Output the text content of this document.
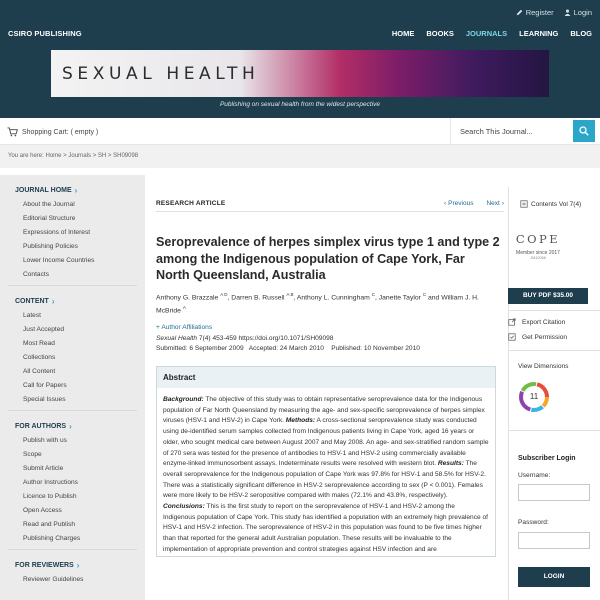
Register	Login
CSIRO PUBLISHING	HOME BOOKS JOURNALS LEARNING BLOG
SEXUAL HEALTH
Publishing on sexual health from the widest perspective
Shopping Cart: ( empty )	Search This Journal...
You are here: Home > Journals > SH > SH09098
JOURNAL HOME ›
About the Journal
Editorial Structure
Expressions of Interest
Publishing Policies
Lower Income Countries
Contacts
CONTENT ›
Latest
Just Accepted
Most Read
Collections
All Content
Call for Papers
Special Issues
FOR AUTHORS ›
Publish with us
Scope
Submit Article
Author Instructions
Licence to Publish
Open Access
Read and Publish
Publishing Charges
FOR REVIEWERS ›
Reviewer Guidelines
RESEARCH ARTICLE	‹ Previous Next ›
Seroprevalence of herpes simplex virus type 1 and type 2 among the Indigenous population of Cape York, Far North Queensland, Australia
Anthony G. Brazzale $^{A D}$, Darren B. Russell $^{A B}$, Anthony L. Cunningham $^C$, Janette Taylor $^C$ and William J. H. McBride $^A$
+ Author Affiliations
Sexual Health 7(4) 453-459 https://doi.org/10.1071/SH09098
Submitted: 6 September 2009   Accepted: 24 March 2010    Published: 10 November 2010
Abstract
Background: The objective of this study was to obtain representative seroprevalence data for the Indigenous population of Far North Queensland by measuring the age- and sex-specific seroprevalence of herpes simplex viruses (HSV-1 and HSV-2) in Cape York. Methods: A cross-sectional seroprevalence study was conducted using de-identified serum samples collected from Indigenous patients living in Cape York, aged 16 years or older, who sought medical care between August 2007 and May 2008. An age- and sex-stratified random sample of 270 sera was tested for the presence of antibodies to HSV-1 and HSV-2 using commercially available enzyme-linked immunosorbent assays. Indeterminate results were resolved with western blot. Results: The overall seroprevalence for the Indigenous population of Cape York was 97.8% for HSV-1 and 58.5% for HSV-2. There was a statistically significant difference in HSV-2 seroprevalence according to sex (P < 0.001). Females were more likely to be HSV-2 seropositive compared with males (72.1% and 43.8%, respectively). Conclusions: This is the first study to report on the seroprevalence of HSV-1 and HSV-2 among the Indigenous population of Cape York. This study has identified a population with an extremely high prevalence of HSV-1 and HSV-2 infection. The seroprevalence of HSV-2 in this population was found to be five times higher than that reported for the general adult Australian population. These results will be invaluable to the implementation of appropriate prevention and control strategies against HSV infection and are
Contents Vol 7(4)
COPE
Member since 2017
JM12066
BUY PDF $35.00
Export Citation
Get Permission
View Dimensions
11
Subscriber Login
Username:
Password:
LOGIN
